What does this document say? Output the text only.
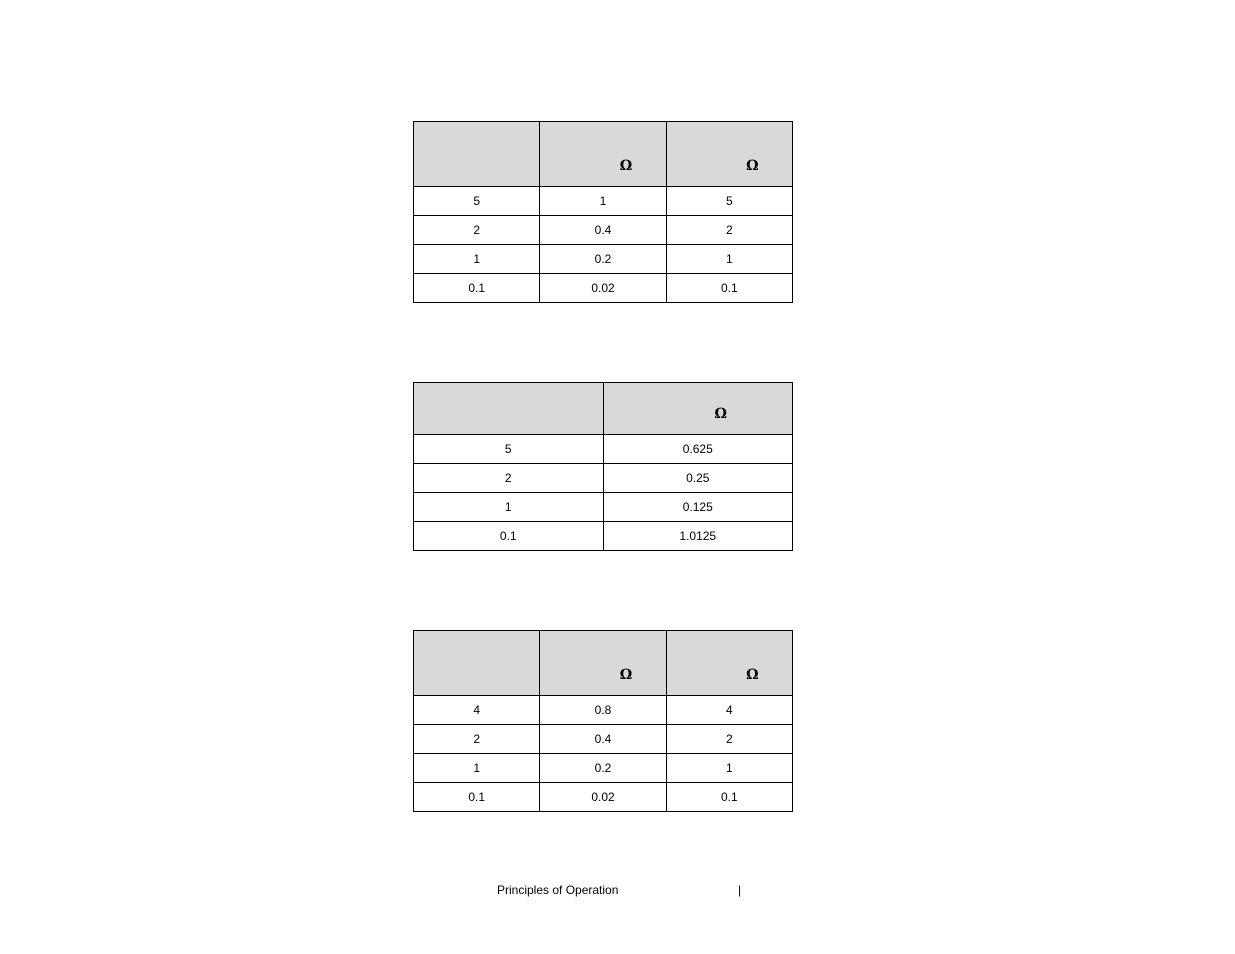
	Ω	Ω
5	1	5
2	0.4	2
1	0.2	1
0.1	0.02	0.1
	Ω
5	0.625
2	0.25
1	0.125
0.1	1.0125
	Ω	Ω
4	0.8	4
2	0.4	2
1	0.2	1
0.1	0.02	0.1
Principles of Operation	|
